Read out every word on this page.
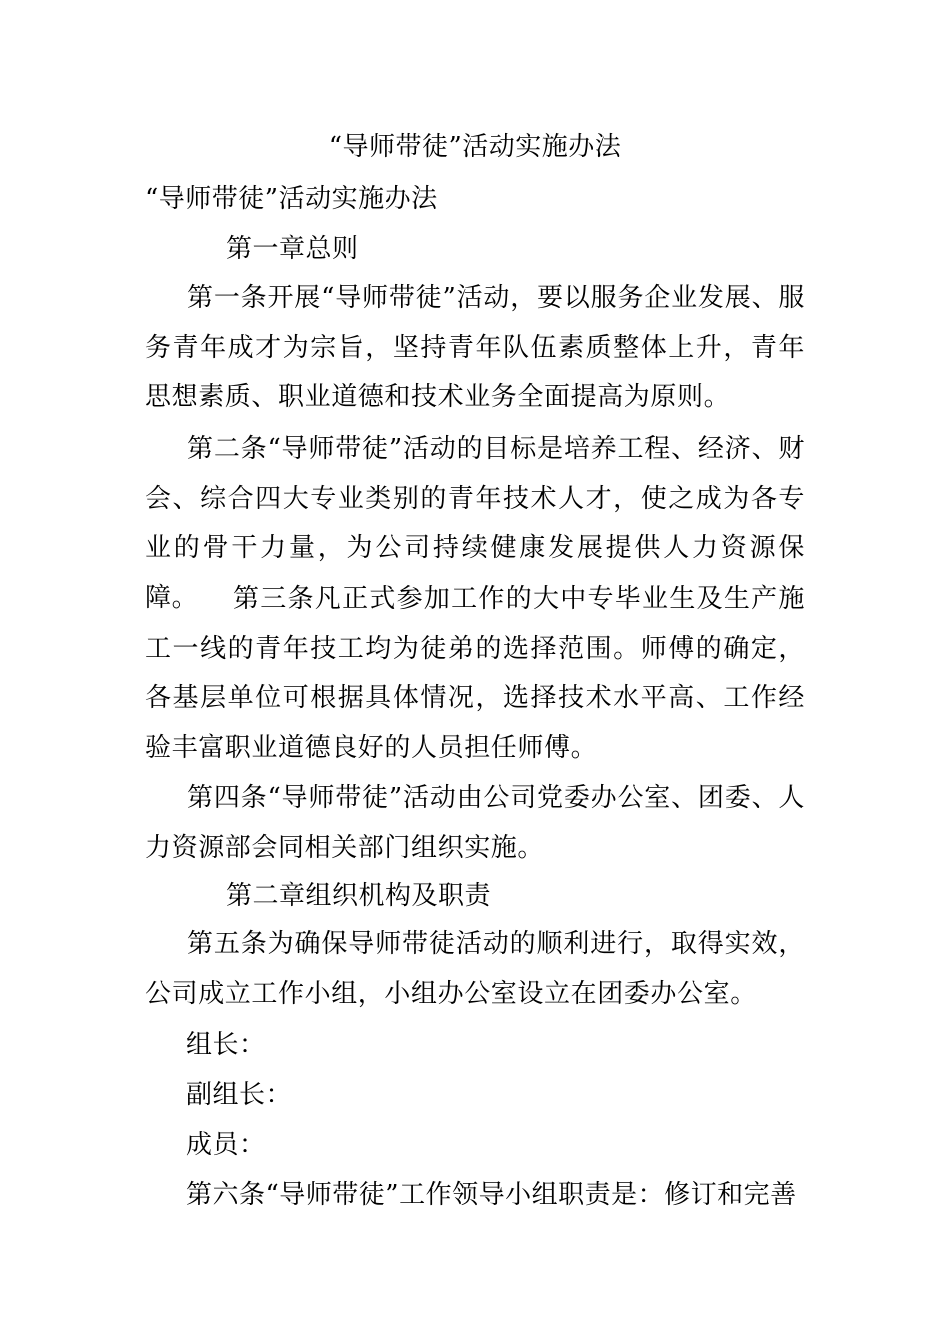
“导师带徒”活动实施办法
“导师带徒”活动实施办法
第一章总则

第一条开展“导师带徒”活动，要以服务企业发展、服务青年成才为宗旨，坚持青年队伍素质整体上升，青年思想素质、职业道德和技术业务全面提高为原则。

第二条“导师带徒”活动的目标是培养工程、经济、财会、综合四大专业类别的青年技术人才，使之成为各专业的骨干力量，为公司持续健康发展提供人力资源保障。	第三条凡正式参加工作的大中专毕业生及生产施工一线的青年技工均为徒弟的选择范围。师傅的确定，各基层单位可根据具体情况，选择技术水平高、工作经验丰富职业道德良好的人员担任师傅。

第四条“导师带徒”活动由公司党委办公室、团委、人力资源部会同相关部门组织实施。

第二章组织机构及职责

第五条为确保导师带徒活动的顺利进行，取得实效，公司成立工作小组，小组办公室设立在团委办公室。

组长：
副组长：
成员：
第六条“导师带徒”工作领导小组职责是：修订和完善
